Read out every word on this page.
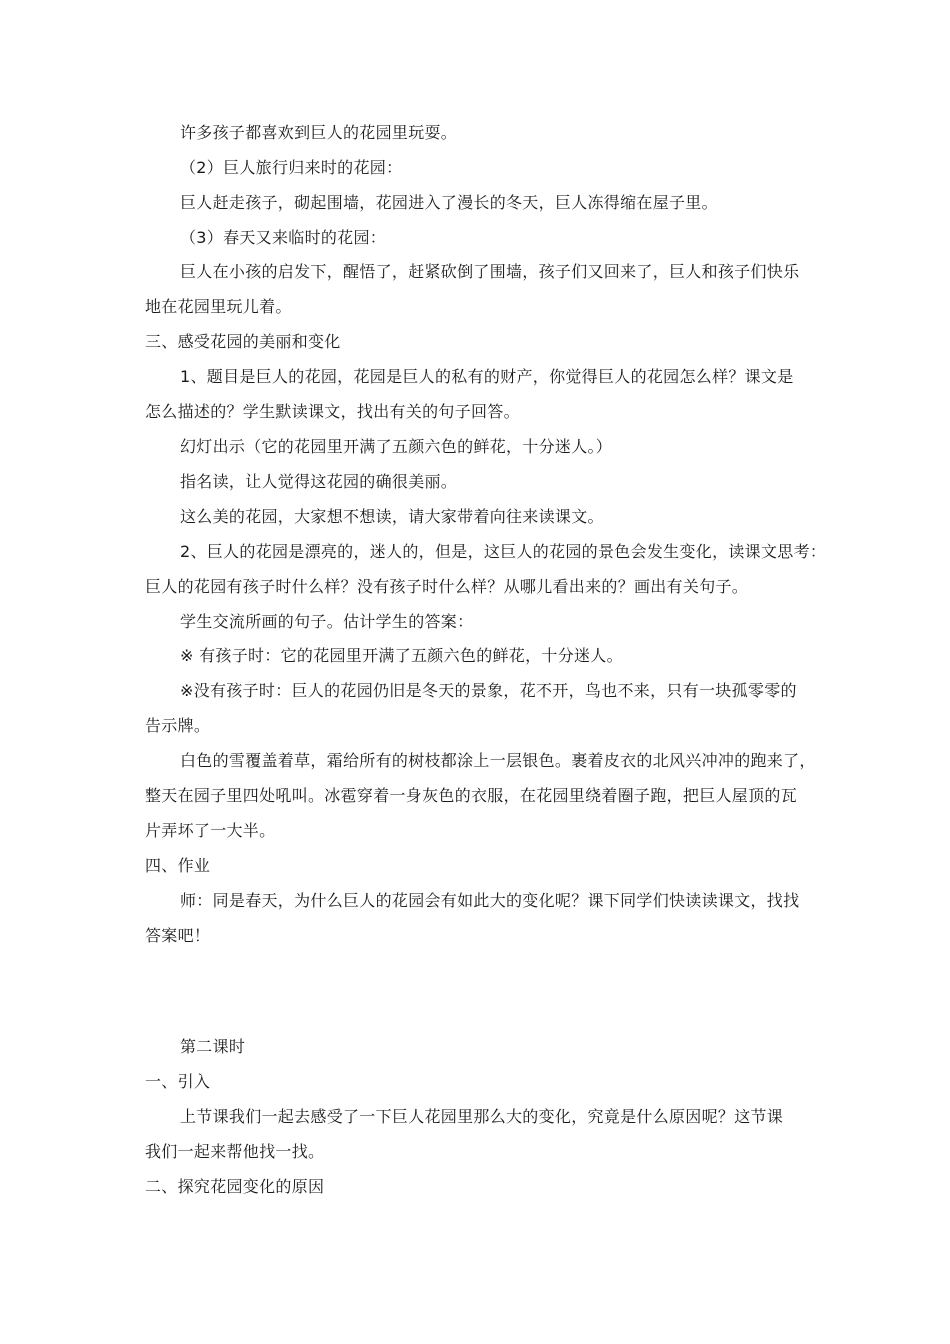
许多孩子都喜欢到巨人的花园里玩耍。
（2）巨人旅行归来时的花园：
巨人赶走孩子，砌起围墙，花园进入了漫长的冬天，巨人冻得缩在屋子里。
（3）春天又来临时的花园：
巨人在小孩的启发下，醒悟了，赶紧砍倒了围墙，孩子们又回来了，巨人和孩子们快乐
地在花园里玩儿着。
三、感受花园的美丽和变化
1、题目是巨人的花园，花园是巨人的私有的财产，你觉得巨人的花园怎么样？课文是
怎么描述的？学生默读课文，找出有关的句子回答。
幻灯出示（它的花园里开满了五颜六色的鲜花，十分迷人。）
指名读，让人觉得这花园的确很美丽。
这么美的花园，大家想不想读，请大家带着向往来读课文。
2、巨人的花园是漂亮的，迷人的，但是，这巨人的花园的景色会发生变化，读课文思考：
巨人的花园有孩子时什么样？没有孩子时什么样？从哪儿看出来的？画出有关句子。
学生交流所画的句子。估计学生的答案：
※ 有孩子时：它的花园里开满了五颜六色的鲜花，十分迷人。
※没有孩子时：巨人的花园仍旧是冬天的景象，花不开，鸟也不来，只有一块孤零零的
告示牌。
白色的雪覆盖着草，霜给所有的树枝都涂上一层银色。裹着皮衣的北风兴冲冲的跑来了，
整天在园子里四处吼叫。冰雹穿着一身灰色的衣服，在花园里绕着圈子跑，把巨人屋顶的瓦
片弄坏了一大半。
四、作业
师：同是春天，为什么巨人的花园会有如此大的变化呢？课下同学们快读读课文，找找
答案吧！
第二课时
一、引入
上节课我们一起去感受了一下巨人花园里那么大的变化，究竟是什么原因呢？这节课
我们一起来帮他找一找。
二、探究花园变化的原因
